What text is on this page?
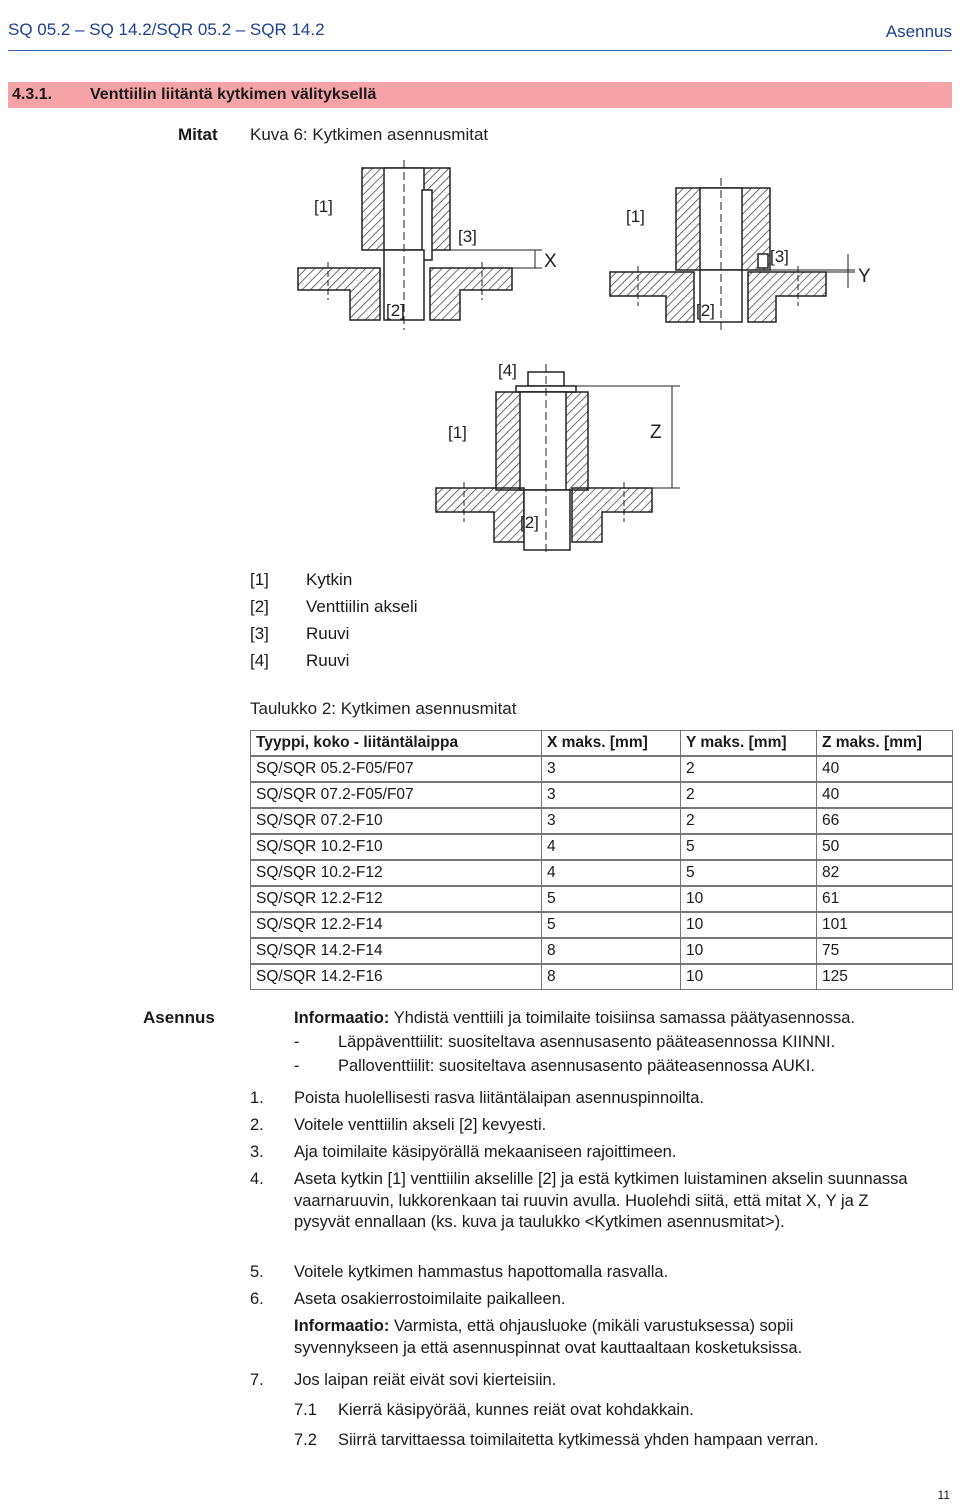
SQ 05.2 – SQ 14.2/SQR 05.2 – SQR 14.2	Asennus
4.3.1. Venttiilin liitäntä kytkimen välityksellä
Mitat Kuva 6: Kytkimen asennusmitat
[1]
[3]
[2]
X
[1]
[3]
[2]
Y
[4]
[1]
[2]
Z
[1] Kytkin
[2] Venttiilin akseli
[3] Ruuvi
[4] Ruuvi
Taulukko 2: Kytkimen asennusmitat
Tyyppi, koko - liitäntälaippa	X maks. [mm]	Y maks. [mm]	Z maks. [mm]
SQ/SQR 05.2-F05/F07	3	2	40
SQ/SQR 07.2-F05/F07	3	2	40
SQ/SQR 07.2-F10	3	2	66
SQ/SQR 10.2-F10	4	5	50
SQ/SQR 10.2-F12	4	5	82
SQ/SQR 12.2-F12	5	10	61
SQ/SQR 12.2-F14	5	10	101
SQ/SQR 14.2-F14	8	10	75
SQ/SQR 14.2-F16	8	10	125
Asennus	Informaatio: Yhdistä venttiili ja toimilaite toisiinsa samassa päätyasennossa.
- Läppäventtiilit: suositeltava asennusasento pääteasennossa KIINNI.
- Palloventtiilit: suositeltava asennusasento pääteasennossa AUKI.
1. Poista huolellisesti rasva liitäntälaipan asennuspinnoilta.
2. Voitele venttiilin akseli [2] kevyesti.
3. Aja toimilaite käsipyörällä mekaaniseen rajoittimeen.
4. Aseta kytkin [1] venttiilin akselille [2] ja estä kytkimen luistaminen akselin suunnassa vaarnaruuvin, lukkorenkaan tai ruuvin avulla. Huolehdi siitä, että mitat X, Y ja Z pysyvät ennallaan (ks. kuva ja taulukko <Kytkimen asennusmitat>).
5. Voitele kytkimen hammastus hapottomalla rasvalla.
6. Aseta osakierrostoimilaite paikalleen.
Informaatio: Varmista, että ohjausluoke (mikäli varustuksessa) sopii syvennykseen ja että asennuspinnat ovat kauttaaltaan kosketuksissa.
7. Jos laipan reiät eivät sovi kierteisiin.
7.1 Kierrä käsipyörää, kunnes reiät ovat kohdakkain.
7.2 Siirrä tarvittaessa toimilaitetta kytkimessä yhden hampaan verran.
11
